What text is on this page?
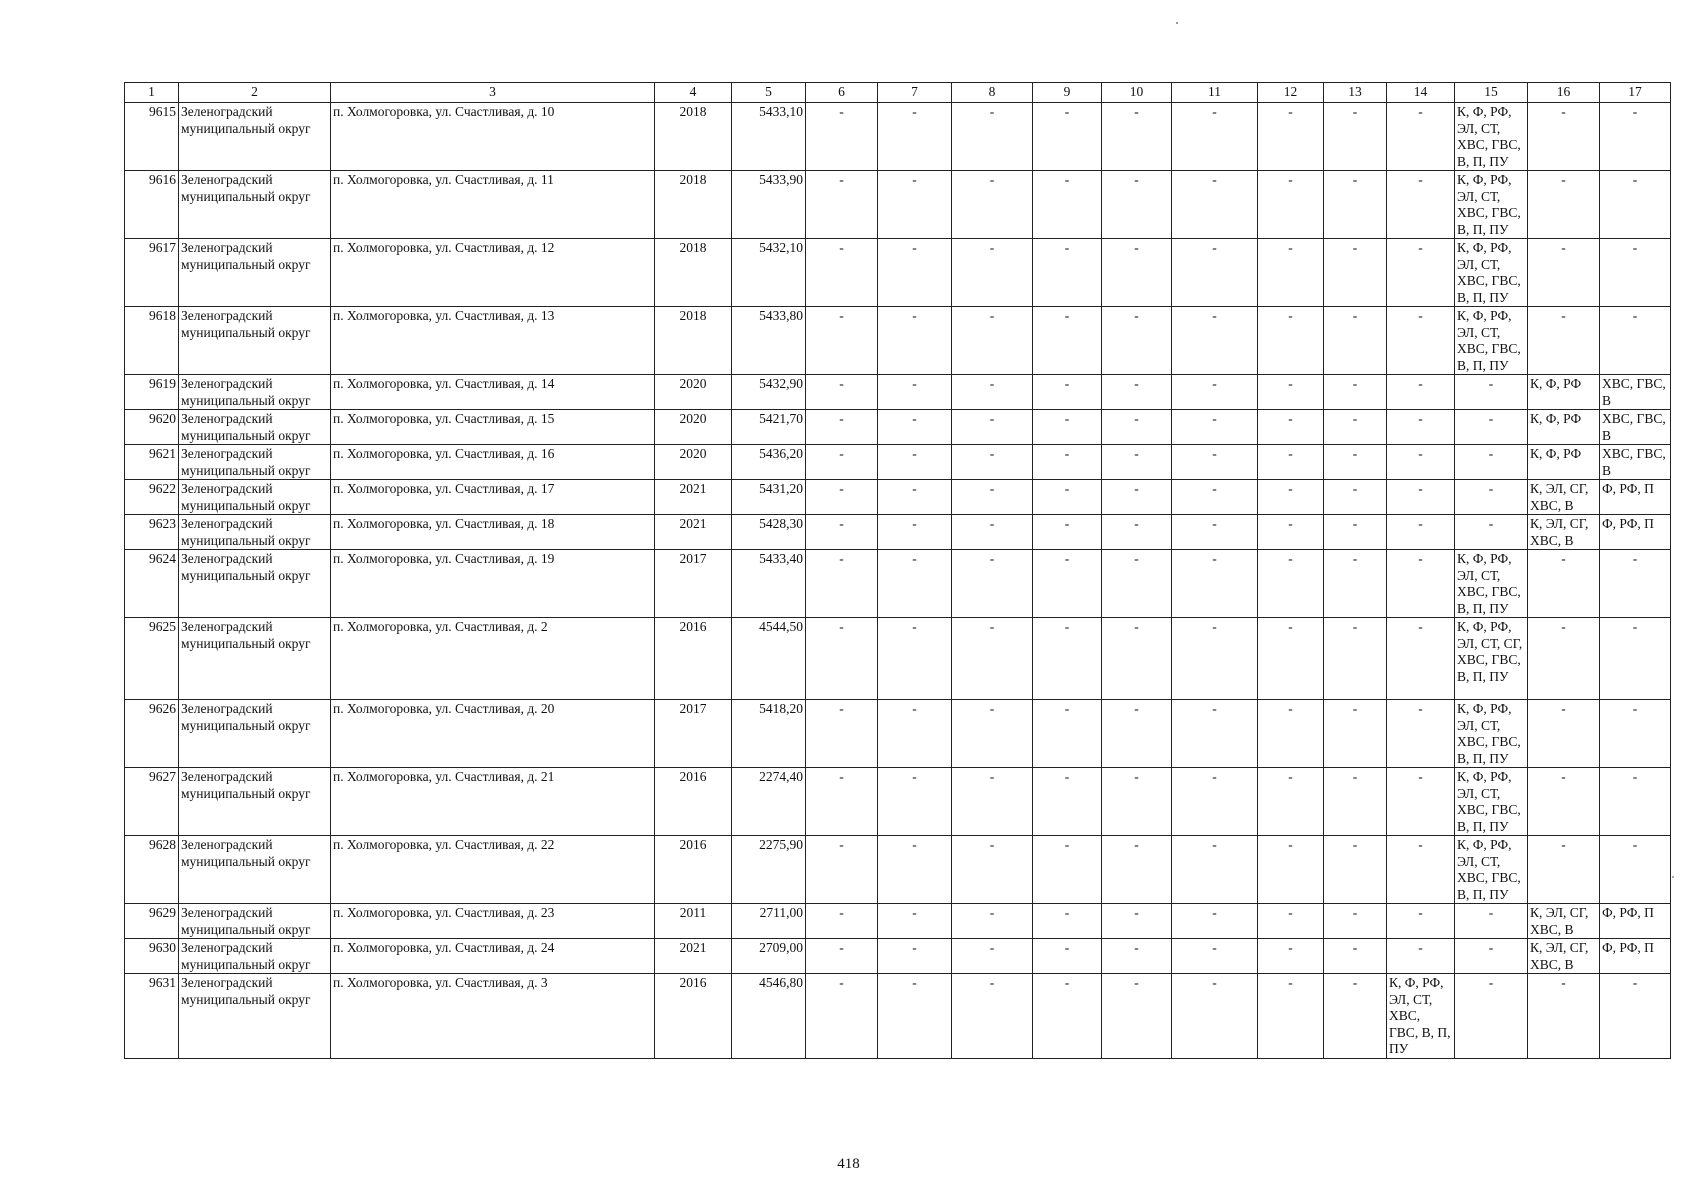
1	2	3	4	5	6	7	8	9	10	11	12	13	14	15	16	17
9615	Зеленоградский муниципальный округ	п. Холмогоровка, ул. Счастливая, д. 10	2018	5433,10	-	-	-	-	-	-	-	-	-	К, Ф, РФ, ЭЛ, СТ, ХВС, ГВС, В, П, ПУ	-	-
9616	Зеленоградский муниципальный округ	п. Холмогоровка, ул. Счастливая, д. 11	2018	5433,90	-	-	-	-	-	-	-	-	-	К, Ф, РФ, ЭЛ, СТ, ХВС, ГВС, В, П, ПУ	-	-
9617	Зеленоградский муниципальный округ	п. Холмогоровка, ул. Счастливая, д. 12	2018	5432,10	-	-	-	-	-	-	-	-	-	К, Ф, РФ, ЭЛ, СТ, ХВС, ГВС, В, П, ПУ	-	-
9618	Зеленоградский муниципальный округ	п. Холмогоровка, ул. Счастливая, д. 13	2018	5433,80	-	-	-	-	-	-	-	-	-	К, Ф, РФ, ЭЛ, СТ, ХВС, ГВС, В, П, ПУ	-	-
9619	Зеленоградский муниципальный округ	п. Холмогоровка, ул. Счастливая, д. 14	2020	5432,90	-	-	-	-	-	-	-	-	-	-	К, Ф, РФ	ХВС, ГВС, В
9620	Зеленоградский муниципальный округ	п. Холмогоровка, ул. Счастливая, д. 15	2020	5421,70	-	-	-	-	-	-	-	-	-	-	К, Ф, РФ	ХВС, ГВС, В
9621	Зеленоградский муниципальный округ	п. Холмогоровка, ул. Счастливая, д. 16	2020	5436,20	-	-	-	-	-	-	-	-	-	-	К, Ф, РФ	ХВС, ГВС, В
9622	Зеленоградский муниципальный округ	п. Холмогоровка, ул. Счастливая, д. 17	2021	5431,20	-	-	-	-	-	-	-	-	-	-	К, ЭЛ, СГ, ХВС, В	Ф, РФ, П
9623	Зеленоградский муниципальный округ	п. Холмогоровка, ул. Счастливая, д. 18	2021	5428,30	-	-	-	-	-	-	-	-	-	-	К, ЭЛ, СГ, ХВС, В	Ф, РФ, П
9624	Зеленоградский муниципальный округ	п. Холмогоровка, ул. Счастливая, д. 19	2017	5433,40	-	-	-	-	-	-	-	-	-	К, Ф, РФ, ЭЛ, СТ, ХВС, ГВС, В, П, ПУ	-	-
9625	Зеленоградский муниципальный округ	п. Холмогоровка, ул. Счастливая, д. 2	2016	4544,50	-	-	-	-	-	-	-	-	-	К, Ф, РФ, ЭЛ, СТ, СГ, ХВС, ГВС, В, П, ПУ	-	-
9626	Зеленоградский муниципальный округ	п. Холмогоровка, ул. Счастливая, д. 20	2017	5418,20	-	-	-	-	-	-	-	-	-	К, Ф, РФ, ЭЛ, СТ, ХВС, ГВС, В, П, ПУ	-	-
9627	Зеленоградский муниципальный округ	п. Холмогоровка, ул. Счастливая, д. 21	2016	2274,40	-	-	-	-	-	-	-	-	-	К, Ф, РФ, ЭЛ, СТ, ХВС, ГВС, В, П, ПУ	-	-
9628	Зеленоградский муниципальный округ	п. Холмогоровка, ул. Счастливая, д. 22	2016	2275,90	-	-	-	-	-	-	-	-	-	К, Ф, РФ, ЭЛ, СТ, ХВС, ГВС, В, П, ПУ	-	-
9629	Зеленоградский муниципальный округ	п. Холмогоровка, ул. Счастливая, д. 23	2011	2711,00	-	-	-	-	-	-	-	-	-	-	К, ЭЛ, СГ, ХВС, В	Ф, РФ, П
9630	Зеленоградский муниципальный округ	п. Холмогоровка, ул. Счастливая, д. 24	2021	2709,00	-	-	-	-	-	-	-	-	-	-	К, ЭЛ, СГ, ХВС, В	Ф, РФ, П
9631	Зеленоградский муниципальный округ	п. Холмогоровка, ул. Счастливая, д. 3	2016	4546,80	-	-	-	-	-	-	-	-	К, Ф, РФ, ЭЛ, СТ, ХВС, ГВС, В, П, ПУ	-	-	-
418
